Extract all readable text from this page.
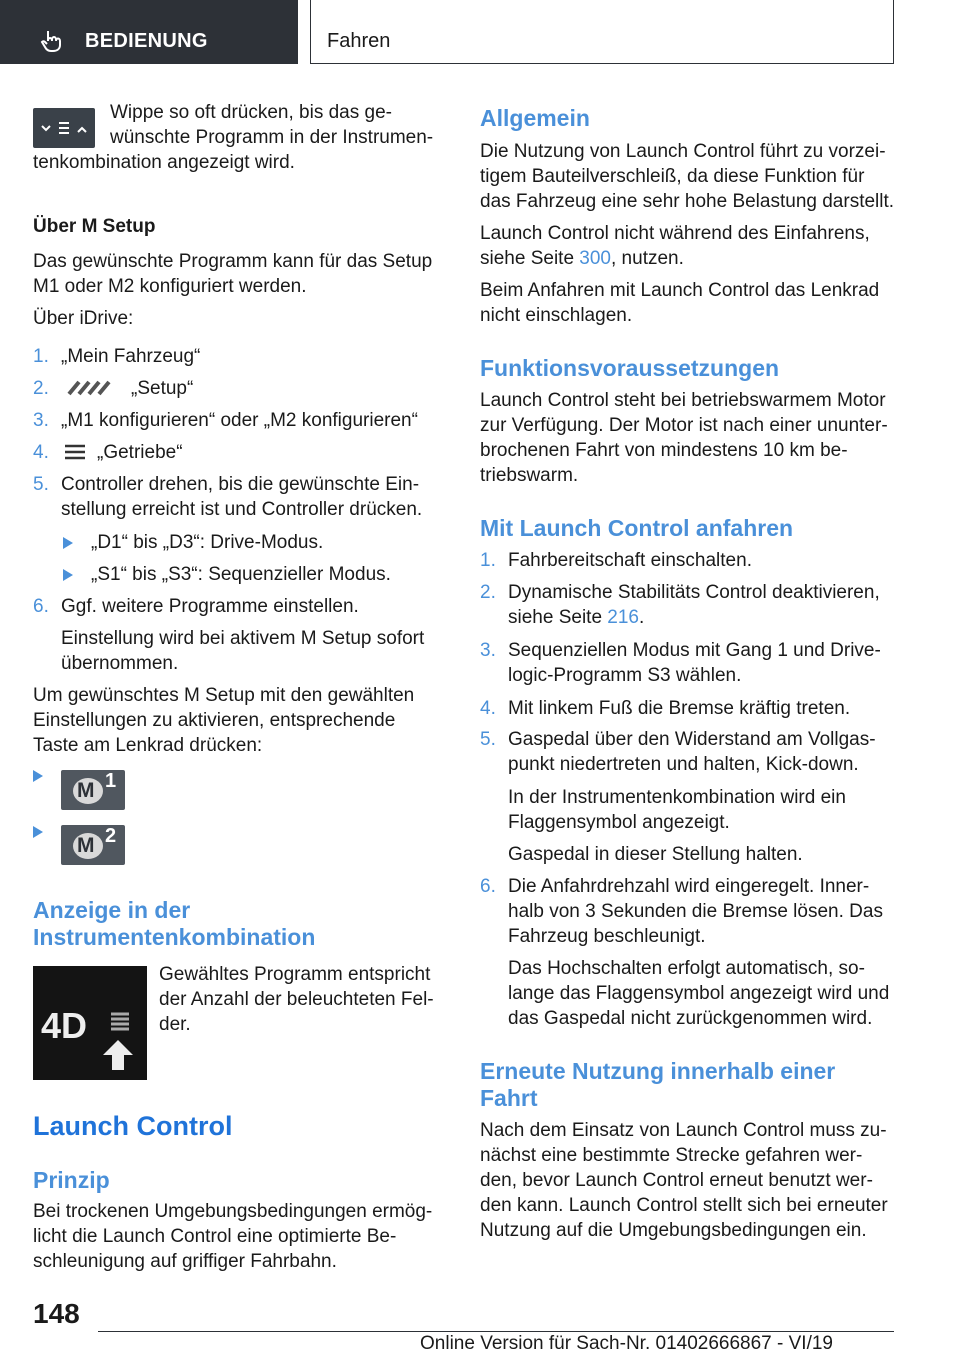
BEDIENUNG	Fahren

Wippe so oft drücken, bis das ge-

wünschte Programm in der Instrumen-

tenkombination angezeigt wird.

Über M Setup

Das gewünschte Programm kann für das Setup

M1 oder M2 konfiguriert werden.

Über iDrive:

1. „Mein Fahrzeug“
2.	„Setup“
3. „M1 konfigurieren“ oder „M2 konfigurieren“
4.	„Getriebe“
5. Controller drehen, bis die gewünschte Ein-
stellung erreicht ist und Controller drücken.

„D1“ bis „D3“: Drive-Modus.

„S1“ bis „S3“: Sequenzieller Modus.

6. Ggf. weitere Programme einstellen.

Einstellung wird bei aktivem M Setup sofort

übernommen.

Um gewünschtes M Setup mit den gewählten

Einstellungen zu aktivieren, entsprechende

Taste am Lenkrad drücken:

M 1
M 2
Anzeige in der
Instrumentenkombination
4D

Gewähltes Programm entspricht

der Anzahl der beleuchteten Fel-

der.

Launch Control
Prinzip

Bei trockenen Umgebungsbedingungen ermög-

licht die Launch Control eine optimierte Be-

schleunigung auf griffiger Fahrbahn.

Allgemein

Die Nutzung von Launch Control führt zu vorzei-

tigem Bauteilverschleiß, da diese Funktion für

das Fahrzeug eine sehr hohe Belastung darstellt.

Launch Control nicht während des Einfahrens,

siehe Seite 300, nutzen.

Beim Anfahren mit Launch Control das Lenkrad

nicht einschlagen.

Funktionsvoraussetzungen

Launch Control steht bei betriebswarmem Motor

zur Verfügung. Der Motor ist nach einer ununter-

brochenen Fahrt von mindestens 10 km be-

triebswarm.

Mit Launch Control anfahren
1. Fahrbereitschaft einschalten.
2. Dynamische Stabilitäts Control deaktivieren,
siehe Seite 216.
3. Sequenziellen Modus mit Gang 1 und Drive-
logic-Programm S3 wählen.
4. Mit linkem Fuß die Bremse kräftig treten.
5. Gaspedal über den Widerstand am Vollgas-
punkt niedertreten und halten, Kick-down.

In der Instrumentenkombination wird ein

Flaggensymbol angezeigt.

Gaspedal in dieser Stellung halten.

6. Die Anfahrdrehzahl wird eingeregelt. Inner-
halb von 3 Sekunden die Bremse lösen. Das
Fahrzeug beschleunigt.

Das Hochschalten erfolgt automatisch, so-

lange das Flaggensymbol angezeigt wird und

das Gaspedal nicht zurückgenommen wird.

Erneute Nutzung innerhalb einer
Fahrt

Nach dem Einsatz von Launch Control muss zu-

nächst eine bestimmte Strecke gefahren wer-

den, bevor Launch Control erneut benutzt wer-

den kann. Launch Control stellt sich bei erneuter

Nutzung auf die Umgebungsbedingungen ein.

148
Online Version für Sach-Nr. 01402666867 - VI/19
